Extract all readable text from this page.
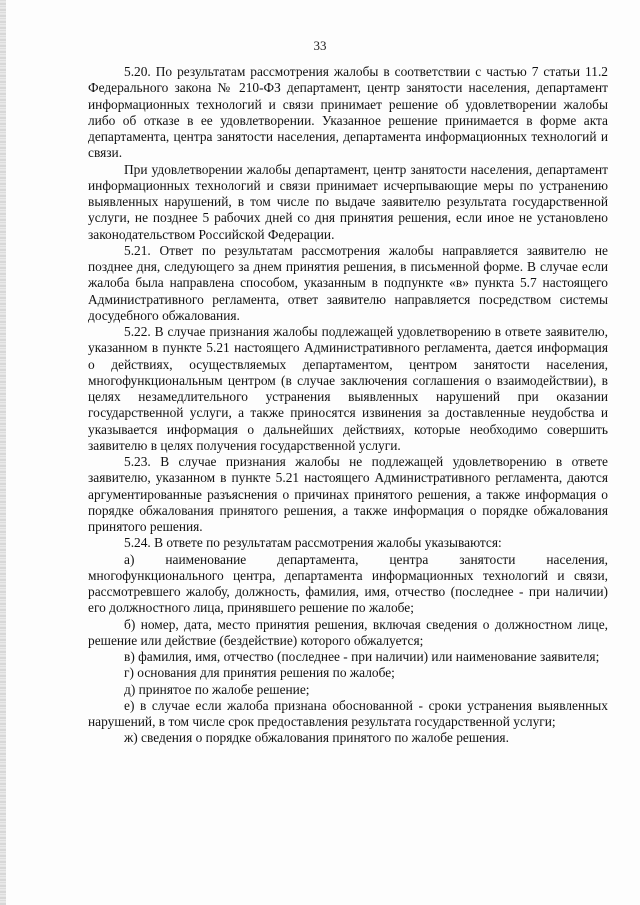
33

5.20. По результатам рассмотрения жалобы в соответствии с частью 7 статьи 11.2 Федерального закона № 210-ФЗ департамент, центр занятости населения, департамент информационных технологий и связи принимает решение об удовлетворении жалобы либо об отказе в ее удовлетворении. Указанное решение принимается в форме акта департамента, центра занятости населения, департамента информационных технологий и связи.

При удовлетворении жалобы департамент, центр занятости населения, департамент информационных технологий и связи принимает исчерпывающие меры по устранению выявленных нарушений, в том числе по выдаче заявителю результата государственной услуги, не позднее 5 рабочих дней со дня принятия решения, если иное не установлено законодательством Российской Федерации.

5.21. Ответ по результатам рассмотрения жалобы направляется заявителю не позднее дня, следующего за днем принятия решения, в письменной форме. В случае если жалоба была направлена способом, указанным в подпункте «в» пункта 5.7 настоящего Административного регламента, ответ заявителю направляется посредством системы досудебного обжалования.

5.22. В случае признания жалобы подлежащей удовлетворению в ответе заявителю, указанном в пункте 5.21 настоящего Административного регламента, дается информация о действиях, осуществляемых департаментом, центром занятости населения, многофункциональным центром (в случае заключения соглашения о взаимодействии), в целях незамедлительного устранения выявленных нарушений при оказании государственной услуги, а также приносятся извинения за доставленные неудобства и указывается информация о дальнейших действиях, которые необходимо совершить заявителю в целях получения государственной услуги.

5.23. В случае признания жалобы не подлежащей удовлетворению в ответе заявителю, указанном в пункте 5.21 настоящего Административного регламента, даются аргументированные разъяснения о причинах принятого решения, а также информация о порядке обжалования принятого решения, а также информация о порядке обжалования принятого решения.

5.24. В ответе по результатам рассмотрения жалобы указываются:

а) наименование департамента, центра занятости населения, многофункционального центра, департамента информационных технологий и связи, рассмотревшего жалобу, должность, фамилия, имя, отчество (последнее - при наличии) его должностного лица, принявшего решение по жалобе;

б) номер, дата, место принятия решения, включая сведения о должностном лице, решение или действие (бездействие) которого обжалуется;

в) фамилия, имя, отчество (последнее - при наличии) или наименование заявителя;

г) основания для принятия решения по жалобе;

д) принятое по жалобе решение;

е) в случае если жалоба признана обоснованной - сроки устранения выявленных нарушений, в том числе срок предоставления результата государственной услуги;

ж) сведения о порядке обжалования принятого по жалобе решения.
